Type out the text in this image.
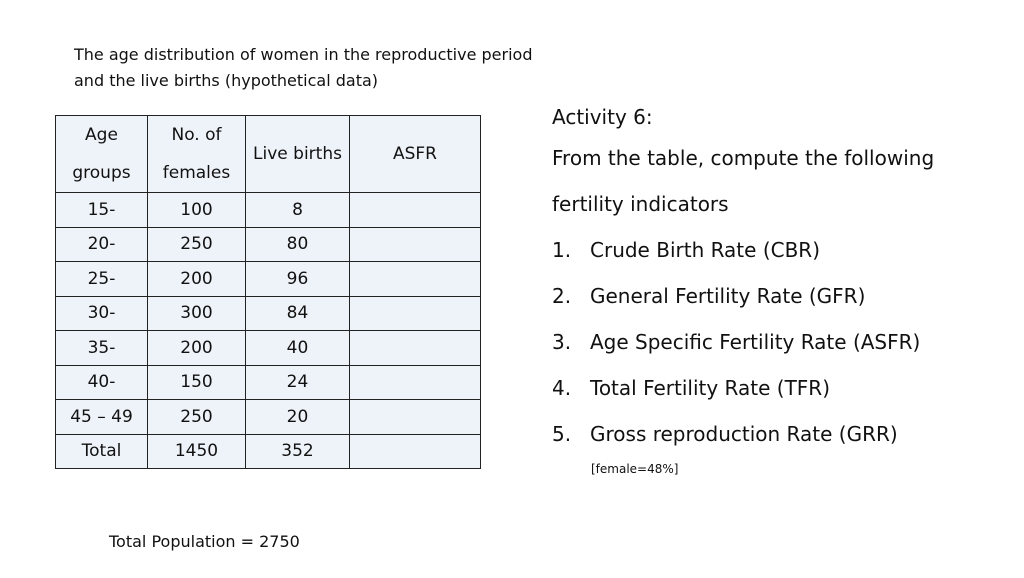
The age distribution of women in the reproductive period and the live births (hypothetical data)
Age groups	No. of females	Live births	ASFR
15-	100	8	
20-	250	80	
25-	200	96	
30-	300	84	
35-	200	40	
40-	150	24	
45 – 49	250	20	
Total	1450	352	
Activity 6:
From the table, compute the following fertility indicators
1. Crude Birth Rate (CBR)
2. General Fertility Rate (GFR)
3. Age Specific Fertility Rate (ASFR)
4. Total Fertility Rate (TFR)
5. Gross reproduction Rate (GRR)
[female=48%]
Total Population = 2750
